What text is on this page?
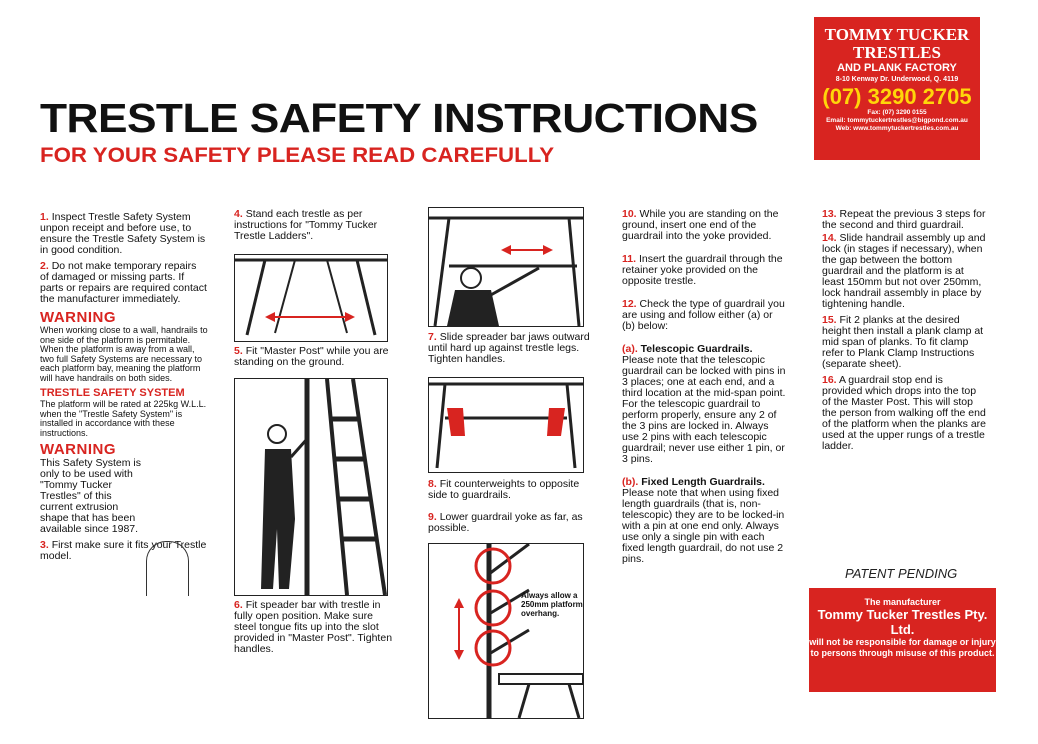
TRESTLE SAFETY INSTRUCTIONS
FOR YOUR SAFETY PLEASE READ CAREFULLY
TOMMY TUCKER
TRESTLES
AND PLANK FACTORY
8-10 Kenway Dr. Underwood, Q. 4119
(07) 3290 2705
Fax: (07) 3290 0155
Email: tommytuckertrestles@bigpond.com.au
Web: www.tommytuckertrestles.com.au

1. Inspect Trestle Safety System unpon receipt and before use, to ensure the Trestle Safety System is in good condition.

2. Do not make temporary repairs of damaged or missing parts. If parts or repairs are required contact the manufacturer immediately.

WARNING
When working close to a wall, handrails to one side of the platform is permitable. When the platform is away from a wall, two full Safety Systems are necessary to each platform bay, meaning the platform will have handrails on both sides.
TRESTLE SAFETY SYSTEM
The platform will be rated at 225kg W.L.L. when the "Trestle Safety System" is installed in accordance with these instructions.
WARNING
This Safety System is only to be used with "Tommy Tucker Trestles" of this current extrusion shape that has been available since 1987.

3. First make sure it fits your Trestle model.

4. Stand each trestle as per instructions for "Tommy Tucker Trestle Ladders".
5. Fit "Master Post" while you are standing on the ground.
6. Fit speader bar with trestle in fully open position. Make sure steel tongue fits up into the slot provided in "Master Post". Tighten handles.
7. Slide spreader bar jaws outward until hard up against trestle legs. Tighten handles.
8. Fit counterweights to opposite side to guardrails.
9. Lower guardrail yoke as far, as possible.
Always allow a 250mm platform overhang.

10. While you are standing on the ground, insert one end of the guardrail into the yoke provided.

11. Insert the guardrail through the retainer yoke provided on the opposite trestle.

12. Check the type of guardrail you are using and follow either (a) or (b) below:

(a). Telescopic Guardrails.
Please note that the telescopic guardrail can be locked with pins in 3 places; one at each end, and a third location at the mid-span point. For the telescopic guardrail to perform properly, ensure any 2 of the 3 pins are locked in. Always use 2 pins with each telescopic guardrail; never use either 1 pin, or 3 pins.

(b). Fixed Length Guardrails.
Please note that when using fixed length guardrails (that is, non-telescopic) they are to be locked-in with a pin at one end only. Always use only a single pin with each fixed length guardrail, do not use 2 pins.

13. Repeat the previous 3 steps for the second and third guardrail.

14. Slide handrail assembly up and lock (in stages if necessary), when the gap between the bottom guardrail and the platform is at least 150mm but not over 250mm, lock handrail assembly in place by tightening handle.

15. Fit 2 planks at the desired height then install a plank clamp at mid span of planks. To fit clamp refer to Plank Clamp Instructions (separate sheet).

16. A guardrail stop end is provided which drops into the top of the Master Post. This will stop the person from walking off the end of the platform when the planks are used at the upper rungs of a trestle ladder.

PATENT PENDING
The manufacturer
Tommy Tucker Trestles Pty. Ltd.
will not be responsible for damage or injury to persons through misuse of this product.
